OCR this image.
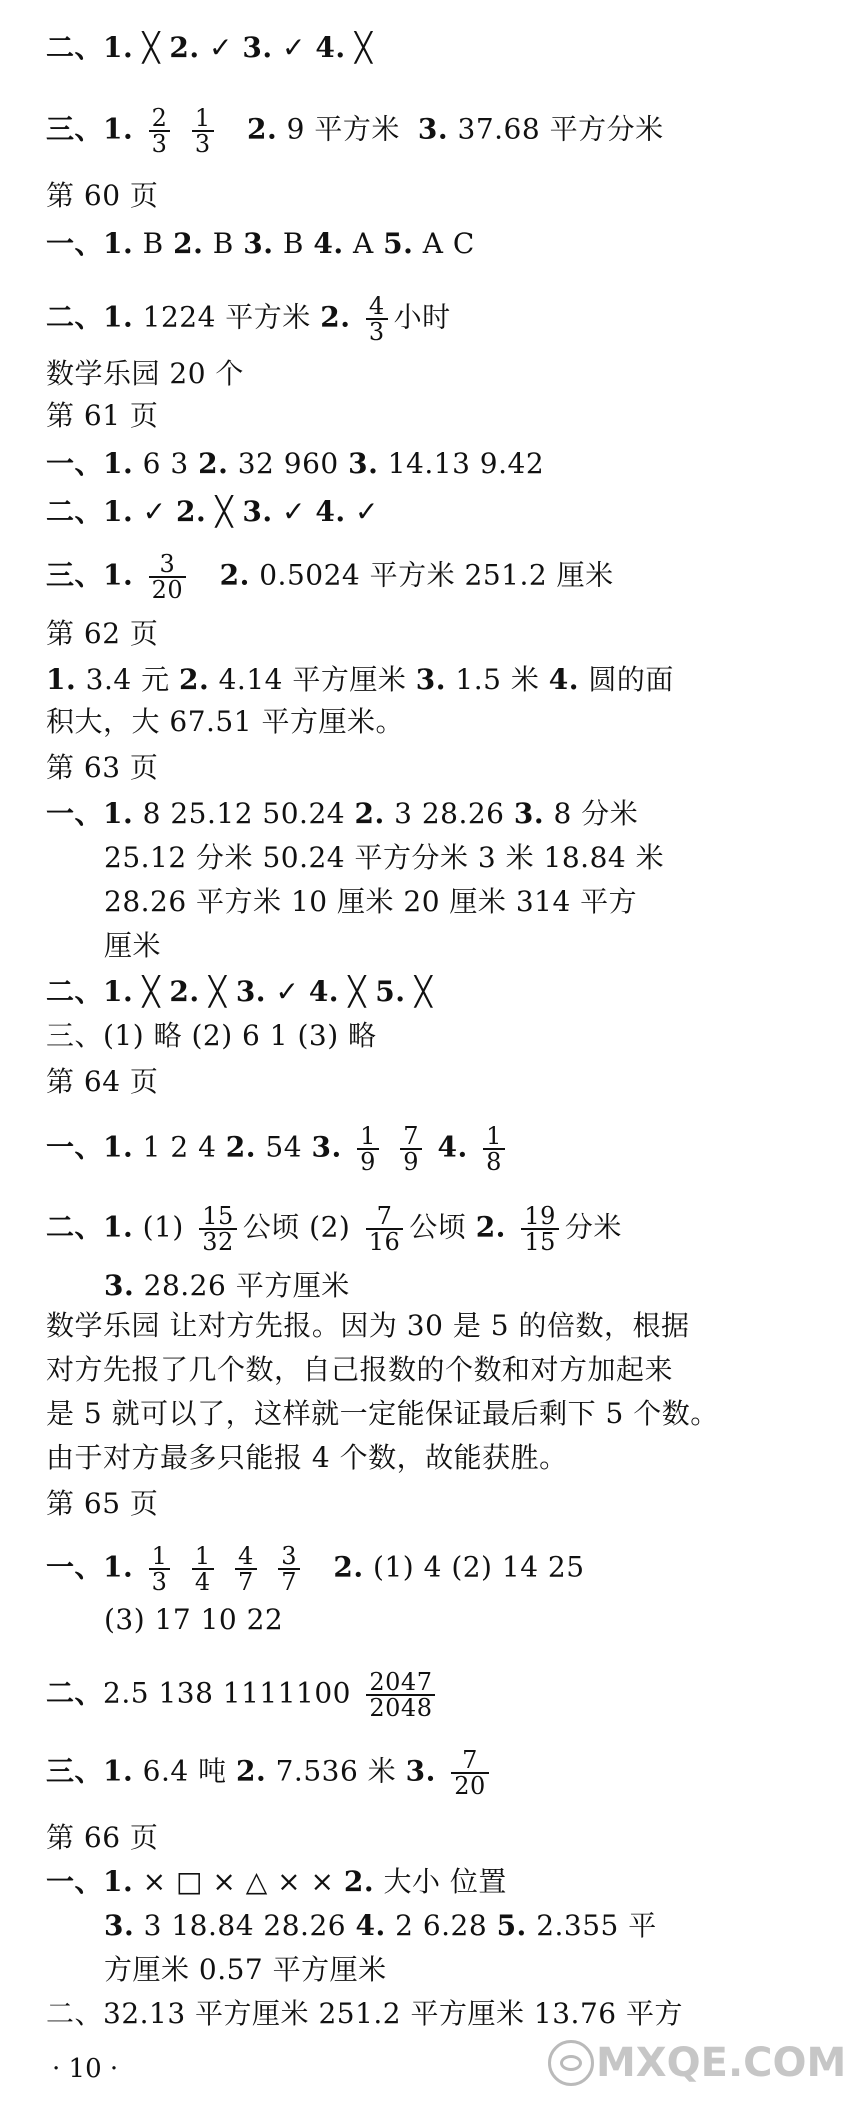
二、1. ╳ 2. ✓ 3. ✓ 4. ╳
三、1. $\frac{2}{3}$
$\frac{1}{3} 2$. 9 平方米 3. 37.68 平方分米
第 60 页
一、1. B 2. B 3. B 4. A 5. A C
二、1. 1224 平方米 2. $\frac{4}{3}$ 小时
数学乐园 20 个
第 61 页
一、1. 6 3 2. 32 960 3. 14.13 9.42
二、1. ✓ 2. ╳ 3. ✓ 4. ✓
三、1. $\frac{3}{20} 2$. 0.5024 平方米 251.2 厘米
第 62 页
1. 3.4 元 2. 4.14 平方厘米 3. 1.5 米 4. 圆的面
积大，大 67.51 平方厘米。
第 63 页
一、1. 8 25.12 50.24 2. 3 28.26 3. 8 分米
25.12 分米 50.24 平方分米 3 米 18.84 米
28.26 平方米 10 厘米 20 厘米 314 平方
厘米
二、1. ╳ 2. ╳ 3. ✓ 4. ╳ 5. ╳
三、(1) 略 (2) 6 1 (3) 略
第 64 页
一、1. 1 2 4 2. 54 3. $\frac{1}{9}$
$\frac{7}{9} 4$. $\frac{1}{8}$
二、1. $(1) \frac{15}{32}$ 公顷 $(2) \frac{7}{16}$ 公顷 2. $\frac{19}{15}$ 分米
3. 28.26 平方厘米
数学乐园 让对方先报。因为 30 是 5 的倍数，根据
对方先报了几个数，自己报数的个数和对方加起来
是 5 就可以了，这样就一定能保证最后剩下 5 个数。
由于对方最多只能报 4 个数，故能获胜。
第 65 页
一、1. $\frac{1}{3}$
$\frac{1}{4}$
$\frac{4}{7}$
$\frac{3}{7} 2$. (1) 4 (2) 14 25
(3) 17 10 22
二、2.5 138 $1111100 \frac{2047}{2048}$
三、1. 6.4 吨 2. 7.536 米 3. $\frac{7}{20}$
第 66 页
一、1. × □ × △ × × 2. 大小 位置
3. 3 18.84 28.26 4. 2 6.28 5. 2.355 平
方厘米 0.57 平方厘米
二、32.13 平方厘米 251.2 平方厘米 13.76 平方
· 10 ·	MXQE.COM
